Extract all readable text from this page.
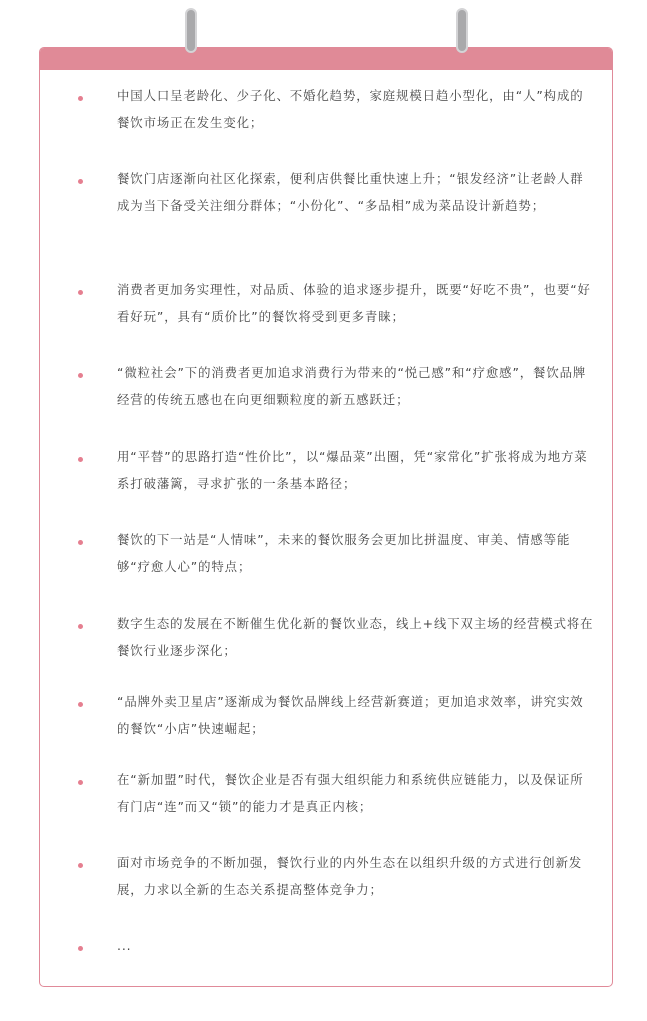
中国人口呈老龄化、少子化、不婚化趋势，家庭规模日趋小型化，由“人”构成的餐饮市场正在发生变化；
餐饮门店逐渐向社区化探索，便利店供餐比重快速上升；“银发经济”让老龄人群成为当下备受关注细分群体；“小份化”、“多品相”成为菜品设计新趋势；
消费者更加务实理性，对品质、体验的追求逐步提升，既要“好吃不贵”，也要“好看好玩”，具有“质价比”的餐饮将受到更多青睐；
“微粒社会”下的消费者更加追求消费行为带来的“悦己感”和“疗愈感”，餐饮品牌经营的传统五感也在向更细颗粒度的新五感跃迁；
用“平替”的思路打造“性价比”，以“爆品菜”出圈，凭“家常化”扩张将成为地方菜系打破藩篱，寻求扩张的一条基本路径；
餐饮的下一站是“人情味”，未来的餐饮服务会更加比拼温度、审美、情感等能够“疗愈人心”的特点；
数字生态的发展在不断催生优化新的餐饮业态，线上+线下双主场的经营模式将在餐饮行业逐步深化；
“品牌外卖卫星店”逐渐成为餐饮品牌线上经营新赛道；更加追求效率，讲究实效的餐饮“小店”快速崛起；
在“新加盟”时代，餐饮企业是否有强大组织能力和系统供应链能力，以及保证所有门店“连”而又“锁”的能力才是真正内核；
面对市场竞争的不断加强，餐饮行业的内外生态在以组织升级的方式进行创新发展，力求以全新的生态关系提高整体竞争力；
...
